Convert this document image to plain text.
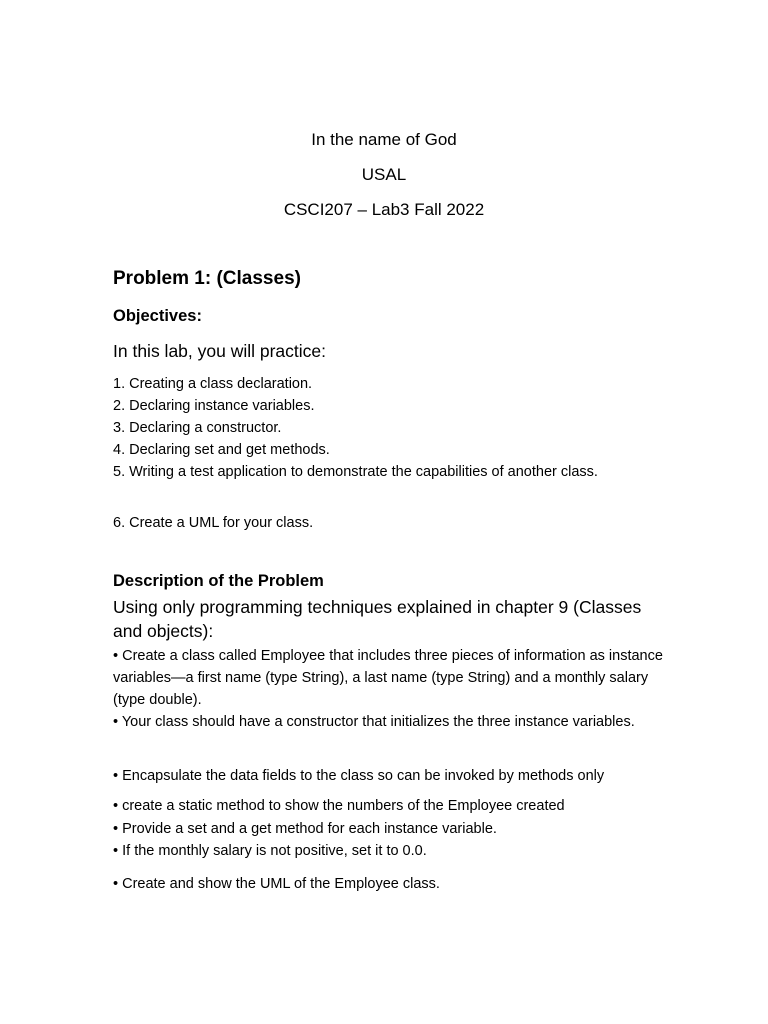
In the name of God
USAL
CSCI207 – Lab3 Fall 2022
Problem 1: (Classes)
Objectives:
In this lab, you will practice:
1. Creating a class declaration.
2. Declaring instance variables.
3. Declaring a constructor.
4. Declaring set and get methods.
5. Writing a test application to demonstrate the capabilities of another class.
6. Create a UML for your class.
Description of the Problem
Using only programming techniques explained in chapter 9 (Classes and objects):
• Create a class called Employee that includes three pieces of information as instance variables—a first name (type String), a last name (type String) and a monthly salary (type double).
• Your class should have a constructor that initializes the three instance variables.
• Encapsulate the data fields to the class so can be invoked by methods only
• create a static method to show the numbers of the Employee created
• Provide a set and a get method for each instance variable.
• If the monthly salary is not positive, set it to 0.0.
• Create and show the UML of the Employee class.
